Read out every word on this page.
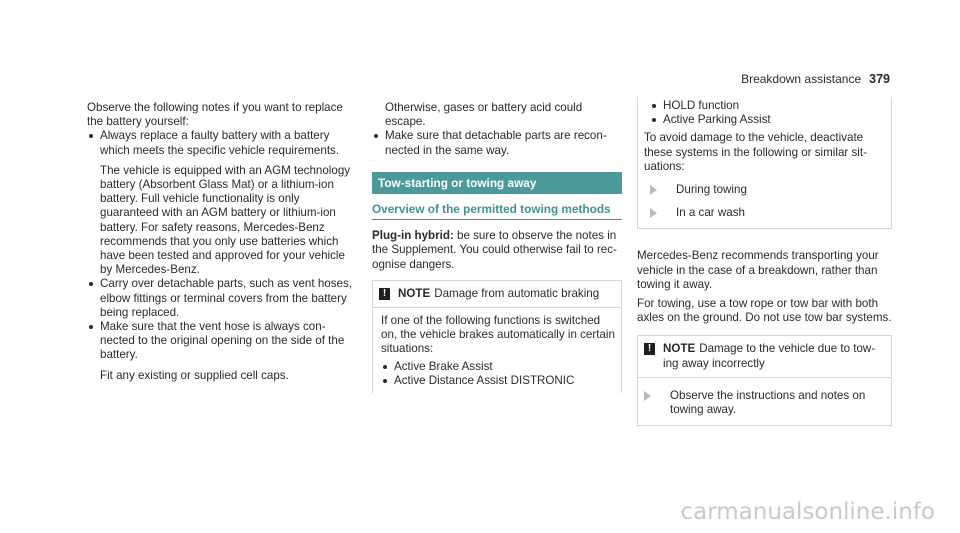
Breakdown assistance 379

Observe the following notes if you want to replace the battery yourself:

Always replace a faulty battery with a battery which meets the specific vehicle requirements.
The vehicle is equipped with an AGM technology battery (Absorbent Glass Mat) or a lithium-ion battery. Full vehicle functionality is only guaranteed with an AGM battery or lithium-ion battery. For safety reasons, Mercedes-Benz recommends that you only use batteries which have been tested and approved for your vehicle by Mercedes-Benz.
Carry over detachable parts, such as vent hoses, elbow fittings or terminal covers from the battery being replaced.
Make sure that the vent hose is always connected to the original opening on the side of the battery.
Fit any existing or supplied cell caps.

Otherwise, gases or battery acid could escape.

Make sure that detachable parts are reconnected in the same way.
Tow-starting or towing away
Overview of the permitted towing methods

Plug-in hybrid: be sure to observe the notes in the Supplement. You could otherwise fail to recognise dangers.

!	NOTE Damage from automatic braking

If one of the following functions is switched on, the vehicle brakes automatically in certain situations:

Active Brake Assist
Active Distance Assist DISTRONIC
HOLD function
Active Parking Assist

To avoid damage to the vehicle, deactivate these systems in the following or similar situations:

During towing
In a car wash

Mercedes-Benz recommends transporting your vehicle in the case of a breakdown, rather than towing it away.

For towing, use a tow rope or tow bar with both axles on the ground. Do not use tow bar systems.

!	NOTE Damage to the vehicle due to towing away incorrectly
Observe the instructions and notes on towing away.
carmanualsonline.info
